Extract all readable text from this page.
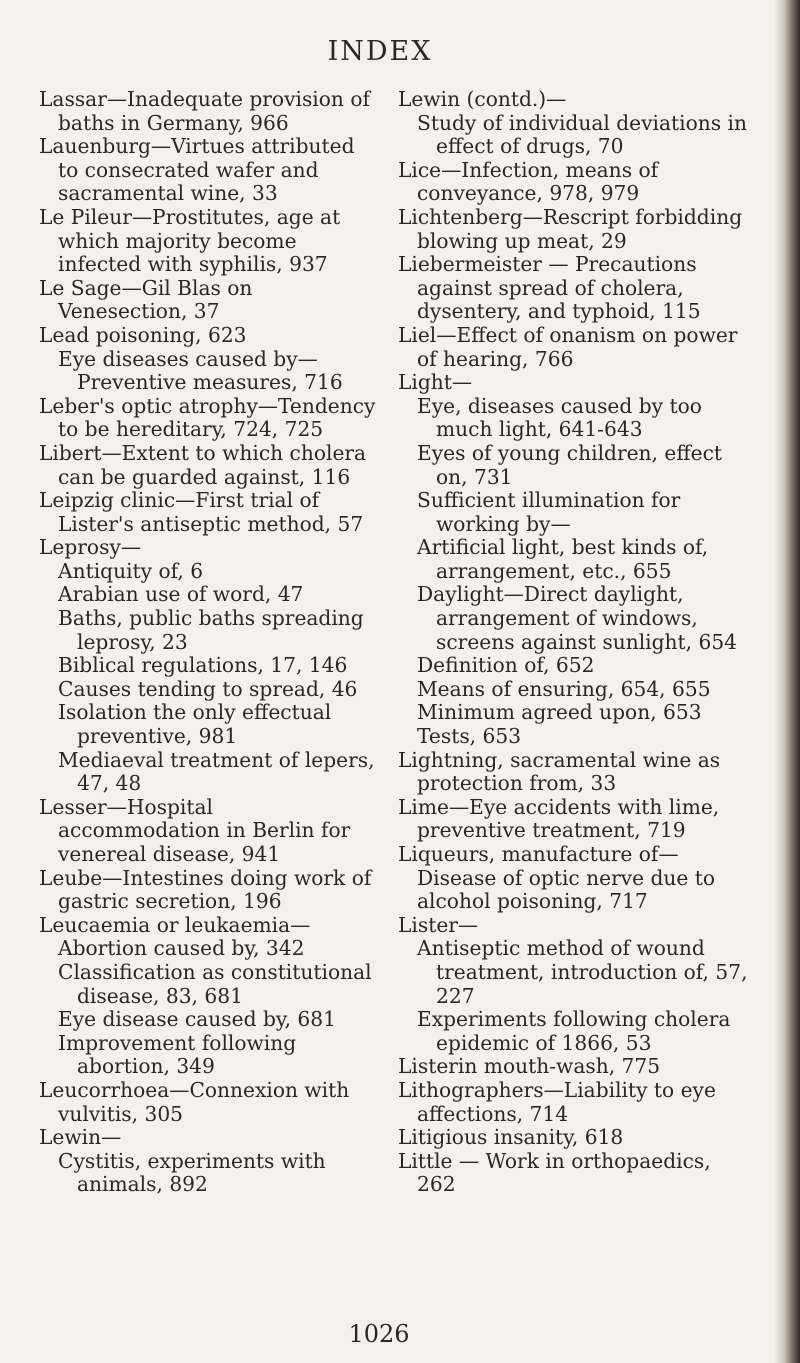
INDEX
Lassar—Inadequate provision of baths in Germany, 966
Lauenburg—Virtues attributed to consecrated wafer and sacramental wine, 33
Le Pileur—Prostitutes, age at which majority become infected with syphilis, 937
Le Sage—Gil Blas on Venesection, 37
Lead poisoning, 623
Eye diseases caused by—Preventive measures, 716
Leber's optic atrophy—Tendency to be hereditary, 724, 725
Libert—Extent to which cholera can be guarded against, 116
Leipzig clinic—First trial of Lister's antiseptic method, 57
Leprosy—
Antiquity of, 6
Arabian use of word, 47
Baths, public baths spreading leprosy, 23
Biblical regulations, 17, 146
Causes tending to spread, 46
Isolation the only effectual preventive, 981
Mediaeval treatment of lepers, 47, 48
Lesser—Hospital accommodation in Berlin for venereal disease, 941
Leube—Intestines doing work of gastric secretion, 196
Leucaemia or leukaemia—
Abortion caused by, 342
Classification as constitutional disease, 83, 681
Eye disease caused by, 681
Improvement following abortion, 349
Leucorrhoea—Connexion with vulvitis, 305
Lewin—
Cystitis, experiments with animals, 892
Lewin (contd.)—
Study of individual deviations in effect of drugs, 70
Lice—Infection, means of conveyance, 978, 979
Lichtenberg—Rescript forbidding blowing up meat, 29
Liebermeister — Precautions against spread of cholera, dysentery, and typhoid, 115
Liel—Effect of onanism on power of hearing, 766
Light—
Eye, diseases caused by too much light, 641-643
Eyes of young children, effect on, 731
Sufficient illumination for working by—
Artificial light, best kinds of, arrangement, etc., 655
Daylight—Direct daylight, arrangement of windows, screens against sunlight, 654
Definition of, 652
Means of ensuring, 654, 655
Minimum agreed upon, 653
Tests, 653
Lightning, sacramental wine as protection from, 33
Lime—Eye accidents with lime, preventive treatment, 719
Liqueurs, manufacture of—Disease of optic nerve due to alcohol poisoning, 717
Lister—
Antiseptic method of wound treatment, introduction of, 57, 227
Experiments following cholera epidemic of 1866, 53
Listerin mouth-wash, 775
Lithographers—Liability to eye affections, 714
Litigious insanity, 618
Little — Work in orthopaedics, 262
1026
